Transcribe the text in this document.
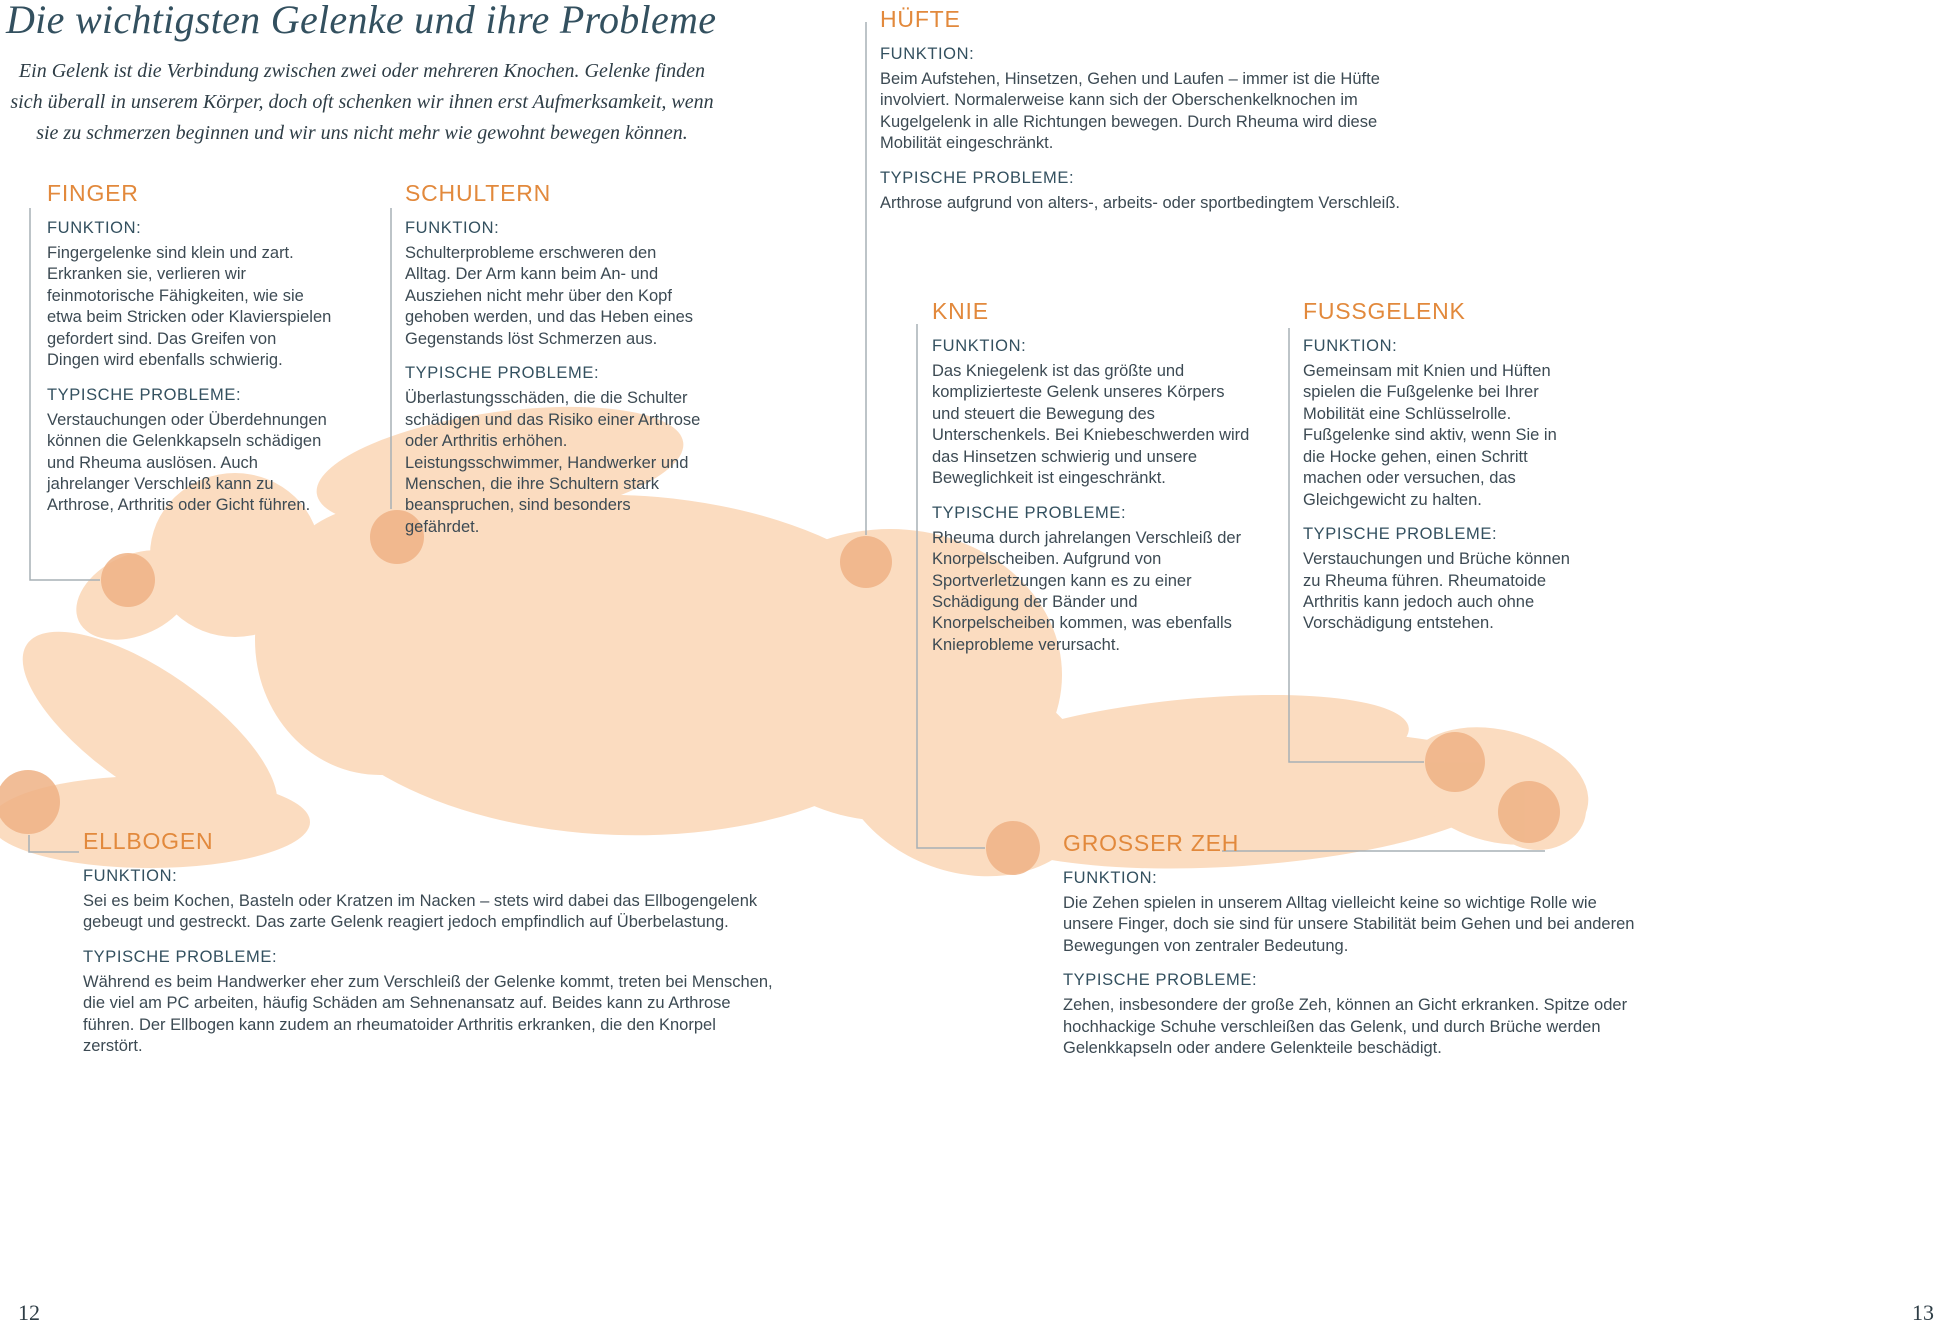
Die wichtigsten Gelenke und ihre Probleme

Ein Gelenk ist die Verbindung zwischen zwei oder mehreren Knochen. Gelenke finden sich überall in unserem Körper, doch oft schenken wir ihnen erst Aufmerksamkeit, wenn sie zu schmerzen beginnen und wir uns nicht mehr wie gewohnt bewegen können.

FINGER
FUNKTION:

Fingergelenke sind klein und zart. Erkranken sie, verlieren wir feinmotorische Fähigkeiten, wie sie etwa beim Stricken oder Klavierspielen gefordert sind. Das Greifen von Dingen wird ebenfalls schwierig.

TYPISCHE PROBLEME:

Verstauchungen oder Überdehnungen können die Gelenkkapseln schädigen und Rheuma auslösen. Auch jahrelanger Verschleiß kann zu Arthrose, Arthritis oder Gicht führen.

SCHULTERN
FUNKTION:

Schulterprobleme erschweren den Alltag. Der Arm kann beim An- und Ausziehen nicht mehr über den Kopf gehoben werden, und das Heben eines Gegenstands löst Schmerzen aus.

TYPISCHE PROBLEME:

Überlastungsschäden, die die Schulter schädigen und das Risiko einer Arthrose oder Arthritis erhöhen. Leistungsschwimmer, Handwerker und Menschen, die ihre Schultern stark beanspruchen, sind besonders gefährdet.

HÜFTE
FUNKTION:

Beim Aufstehen, Hinsetzen, Gehen und Laufen – immer ist die Hüfte involviert. Normalerweise kann sich der Oberschenkelknochen im Kugelgelenk in alle Richtungen bewegen. Durch Rheuma wird diese Mobilität eingeschränkt.

TYPISCHE PROBLEME:

Arthrose aufgrund von alters-, arbeits- oder sportbedingtem Verschleiß.

KNIE
FUNKTION:

Das Kniegelenk ist das größte und komplizierteste Gelenk unseres Körpers und steuert die Bewegung des Unterschenkels. Bei Kniebeschwerden wird das Hinsetzen schwierig und unsere Beweglichkeit ist eingeschränkt.

TYPISCHE PROBLEME:

Rheuma durch jahrelangen Verschleiß der Knorpelscheiben. Aufgrund von Sportverletzungen kann es zu einer Schädigung der Bänder und Knorpelscheiben kommen, was ebenfalls Knieprobleme verursacht.

FUSSGELENK
FUNKTION:

Gemeinsam mit Knien und Hüften spielen die Fußgelenke bei Ihrer Mobilität eine Schlüsselrolle. Fußgelenke sind aktiv, wenn Sie in die Hocke gehen, einen Schritt machen oder versuchen, das Gleichgewicht zu halten.

TYPISCHE PROBLEME:

Verstauchungen und Brüche können zu Rheuma führen. Rheumatoide Arthritis kann jedoch auch ohne Vorschädigung entstehen.

ELLBOGEN
FUNKTION:

Sei es beim Kochen, Basteln oder Kratzen im Nacken – stets wird dabei das Ellbogengelenk gebeugt und gestreckt. Das zarte Gelenk reagiert jedoch empfindlich auf Überbelastung.

TYPISCHE PROBLEME:

Während es beim Handwerker eher zum Verschleiß der Gelenke kommt, treten bei Menschen, die viel am PC arbeiten, häufig Schäden am Sehnenansatz auf. Beides kann zu Arthrose führen. Der Ellbogen kann zudem an rheumatoider Arthritis erkranken, die den Knorpel zerstört.

GROSSER ZEH
FUNKTION:

Die Zehen spielen in unserem Alltag vielleicht keine so wichtige Rolle wie unsere Finger, doch sie sind für unsere Stabilität beim Gehen und bei anderen Bewegungen von zentraler Bedeutung.

TYPISCHE PROBLEME:

Zehen, insbesondere der große Zeh, können an Gicht erkranken. Spitze oder hochhackige Schuhe verschleißen das Gelenk, und durch Brüche werden Gelenkkapseln oder andere Gelenkteile beschädigt.

12	13
